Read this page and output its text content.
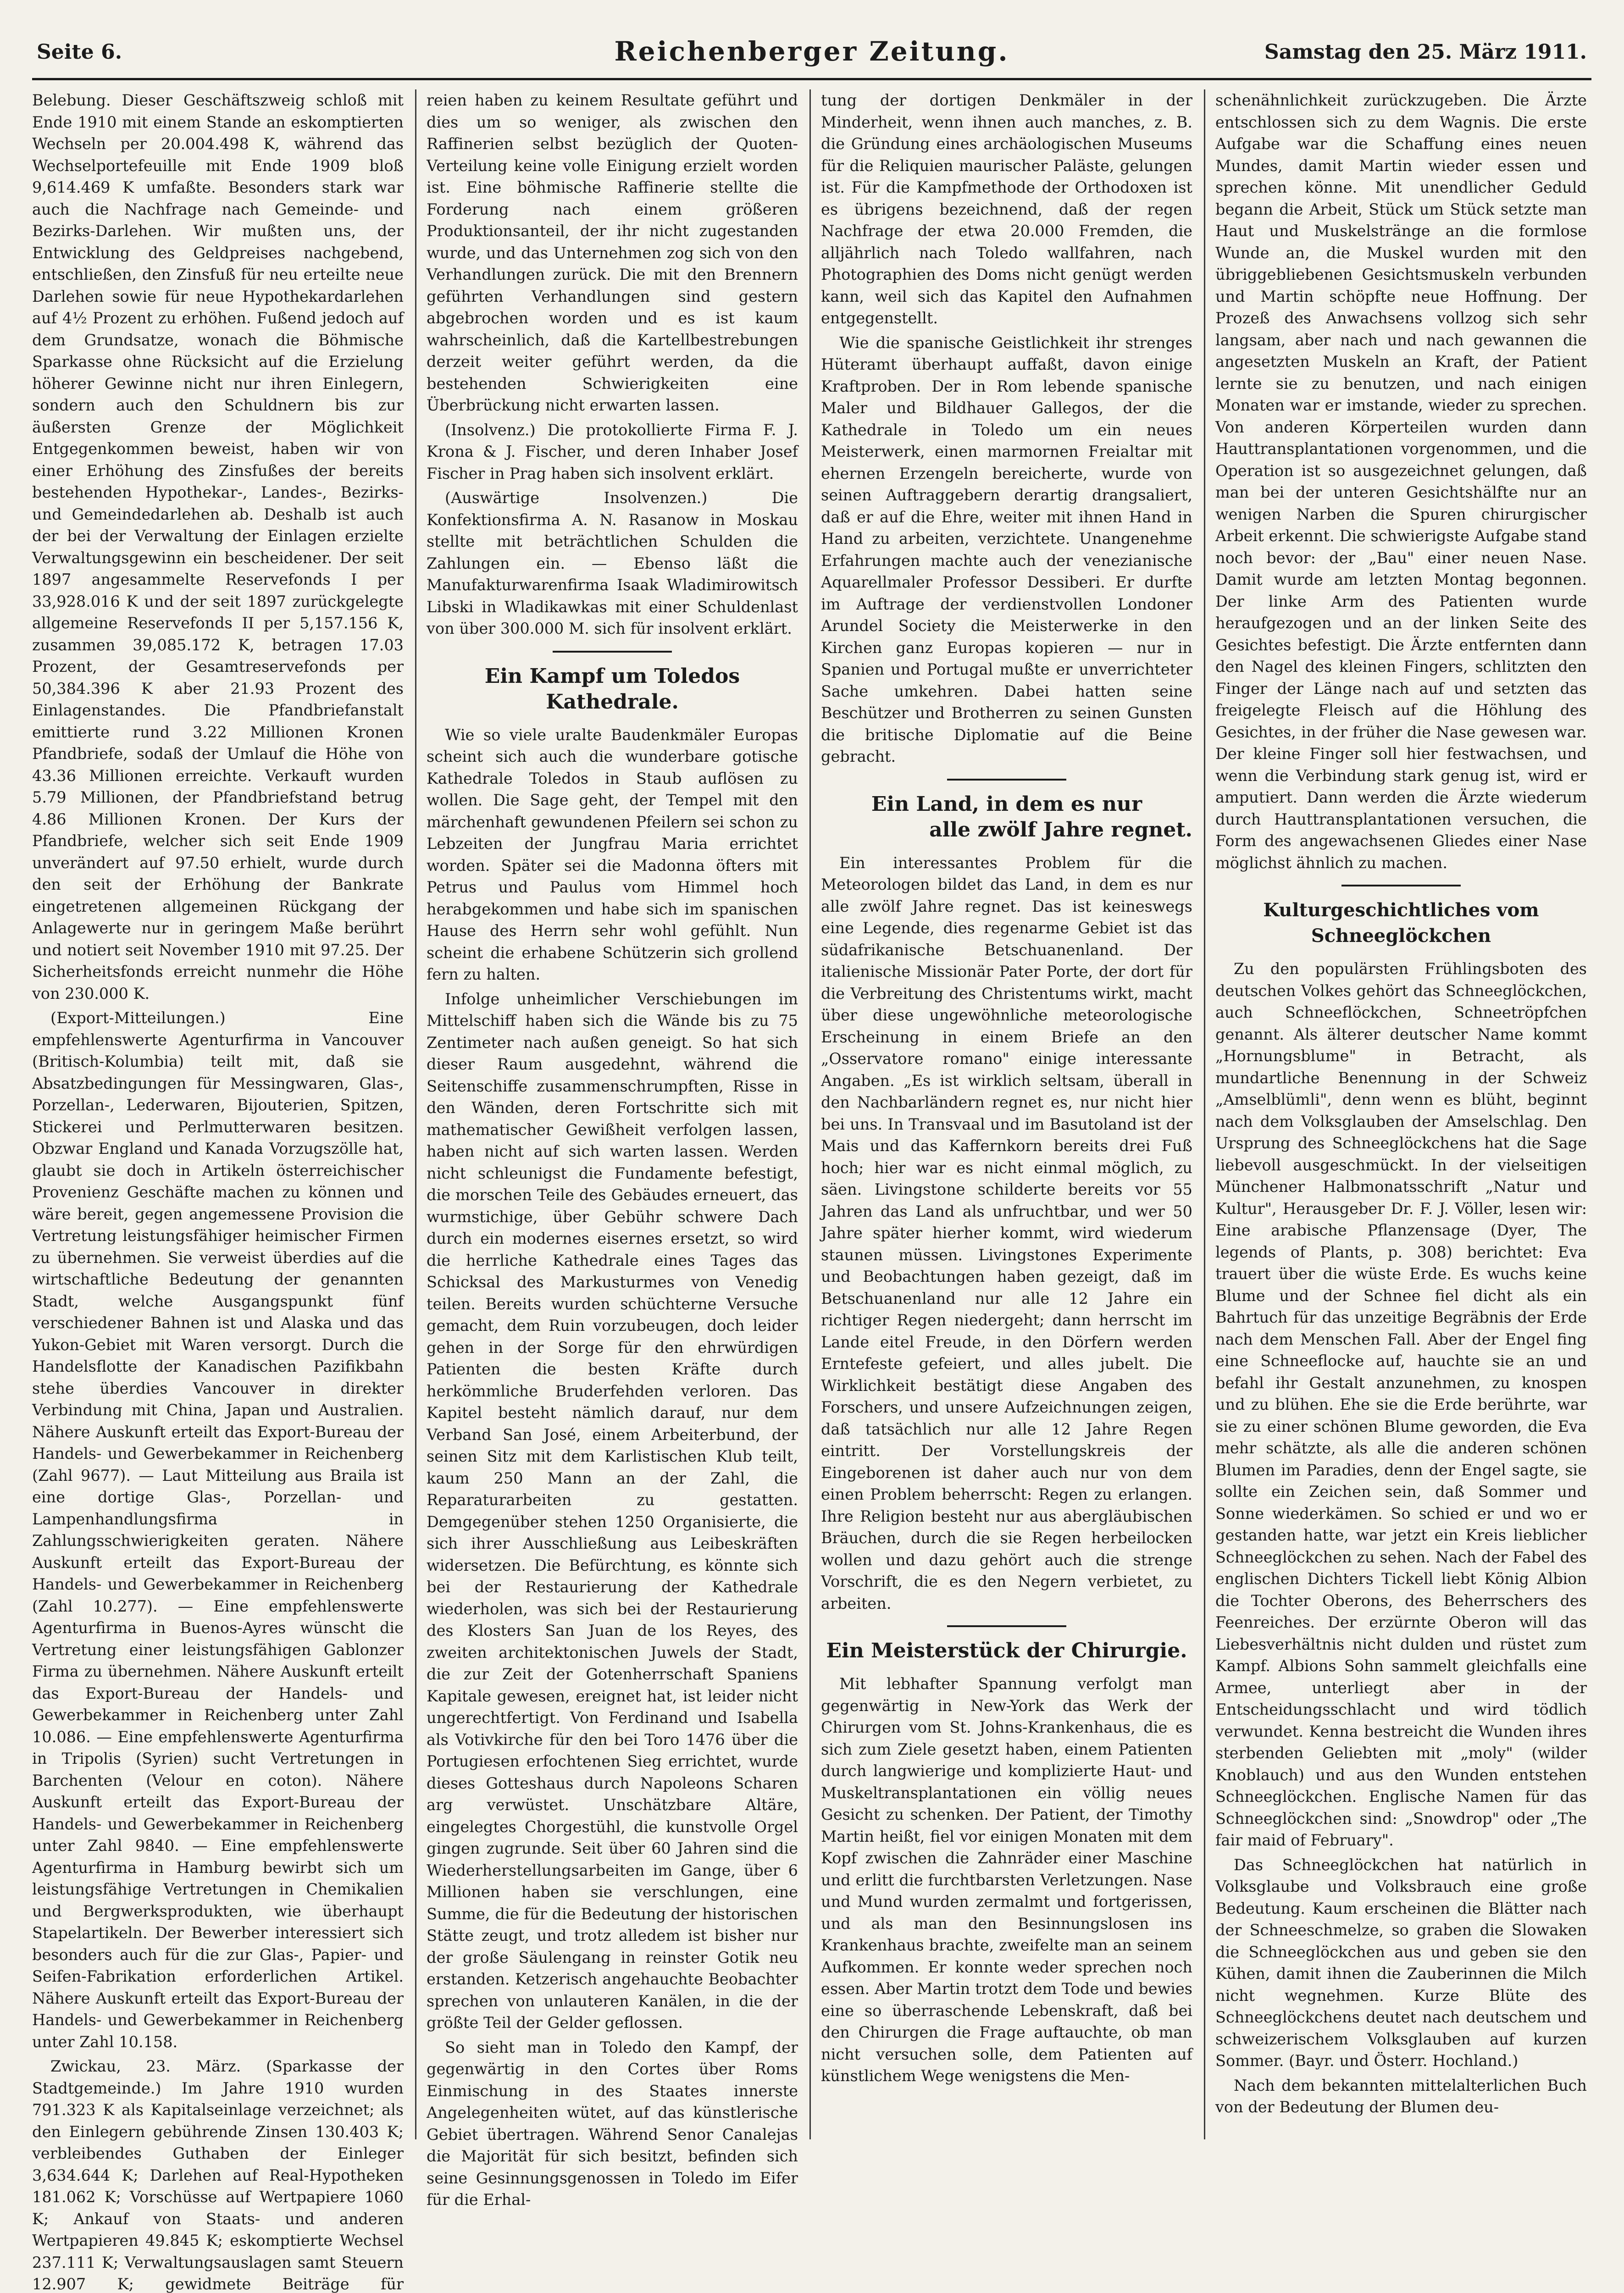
Seite 6.	Reichenberger Zeitung.	Samstag den 25. März 1911.

Belebung. Dieser Geschäftszweig schloß mit Ende 1910 mit einem Stande an eskomptierten Wechseln per 20.004.498 K, während das Wechselportefeuille mit Ende 1909 bloß 9,614.469 K umfaßte. Besonders stark war auch die Nachfrage nach Gemeinde- und Bezirks-Darlehen. Wir mußten uns, der Entwicklung des Geldpreises nachgebend, entschließen, den Zinsfuß für neu erteilte neue Darlehen sowie für neue Hypothekardarlehen auf 4½ Prozent zu erhöhen. Fußend jedoch auf dem Grundsatze, wonach die Böhmische Sparkasse ohne Rücksicht auf die Erzielung höherer Gewinne nicht nur ihren Einlegern, sondern auch den Schuldnern bis zur äußersten Grenze der Möglichkeit Entgegenkommen beweist, haben wir von einer Erhöhung des Zinsfußes der bereits bestehenden Hypothekar-, Landes-, Bezirks- und Gemeindedarlehen ab. Deshalb ist auch der bei der Verwaltung der Einlagen erzielte Verwaltungsgewinn ein bescheidener. Der seit 1897 angesammelte Reservefonds I per 33,928.016 K und der seit 1897 zurückgelegte allgemeine Reservefonds II per 5,157.156 K, zusammen 39,085.172 K, betragen 17.03 Prozent, der Gesamtreservefonds per 50,384.396 K aber 21.93 Prozent des Einlagenstandes. Die Pfandbriefanstalt emittierte rund 3.22 Millionen Kronen Pfandbriefe, sodaß der Umlauf die Höhe von 43.36 Millionen erreichte. Verkauft wurden 5.79 Millionen, der Pfandbriefstand betrug 4.86 Millionen Kronen. Der Kurs der Pfandbriefe, welcher sich seit Ende 1909 unverändert auf 97.50 erhielt, wurde durch den seit der Erhöhung der Bankrate eingetretenen allgemeinen Rückgang der Anlagewerte nur in geringem Maße berührt und notiert seit November 1910 mit 97.25. Der Sicherheitsfonds erreicht nunmehr die Höhe von 230.000 K.

(Export-Mitteilungen.) Eine empfehlenswerte Agenturfirma in Vancouver (Britisch-Kolumbia) teilt mit, daß sie Absatzbedingungen für Messingwaren, Glas-, Porzellan-, Lederwaren, Bijouterien, Spitzen, Stickerei und Perlmutterwaren besitzen. Obzwar England und Kanada Vorzugszölle hat, glaubt sie doch in Artikeln österreichischer Provenienz Geschäfte machen zu können und wäre bereit, gegen angemessene Provision die Vertretung leistungsfähiger heimischer Firmen zu übernehmen. Sie verweist überdies auf die wirtschaftliche Bedeutung der genannten Stadt, welche Ausgangspunkt fünf verschiedener Bahnen ist und Alaska und das Yukon-Gebiet mit Waren versorgt. Durch die Handelsflotte der Kanadischen Pazifikbahn stehe überdies Vancouver in direkter Verbindung mit China, Japan und Australien. Nähere Auskunft erteilt das Export-Bureau der Handels- und Gewerbekammer in Reichenberg (Zahl 9677). — Laut Mitteilung aus Braila ist eine dortige Glas-, Porzellan- und Lampenhandlungsfirma in Zahlungsschwierigkeiten geraten. Nähere Auskunft erteilt das Export-Bureau der Handels- und Gewerbekammer in Reichenberg (Zahl 10.277). — Eine empfehlenswerte Agenturfirma in Buenos-Ayres wünscht die Vertretung einer leistungsfähigen Gablonzer Firma zu übernehmen. Nähere Auskunft erteilt das Export-Bureau der Handels- und Gewerbekammer in Reichenberg unter Zahl 10.086. — Eine empfehlenswerte Agenturfirma in Tripolis (Syrien) sucht Vertretungen in Barchenten (Velour en coton). Nähere Auskunft erteilt das Export-Bureau der Handels- und Gewerbekammer in Reichenberg unter Zahl 9840. — Eine empfehlenswerte Agenturfirma in Hamburg bewirbt sich um leistungsfähige Vertretungen in Chemikalien und Bergwerksprodukten, wie überhaupt Stapelartikeln. Der Bewerber interessiert sich besonders auch für die zur Glas-, Papier- und Seifen-Fabrikation erforderlichen Artikel. Nähere Auskunft erteilt das Export-Bureau der Handels- und Gewerbekammer in Reichenberg unter Zahl 10.158.

Zwickau, 23. März. (Sparkasse der Stadtgemeinde.) Im Jahre 1910 wurden 791.323 K als Kapitalseinlage verzeichnet; als den Einlegern gebührende Zinsen 130.403 K; verbleibendes Guthaben der Einleger 3,634.644 K; Darlehen auf Real-Hypotheken 181.062 K; Vorschüsse auf Wertpapiere 1060 K; Ankauf von Staats- und anderen Wertpapieren 49.845 K; eskomptierte Wechsel 237.111 K; Verwaltungsauslagen samt Steuern 12.907 K; gewidmete Beiträge für

reien haben zu keinem Resultate geführt und dies um so weniger, als zwischen den Raffinerien selbst bezüglich der Quoten-Verteilung keine volle Einigung erzielt worden ist. Eine böhmische Raffinerie stellte die Forderung nach einem größeren Produktionsanteil, der ihr nicht zugestanden wurde, und das Unternehmen zog sich von den Verhandlungen zurück. Die mit den Brennern geführten Verhandlungen sind gestern abgebrochen worden und es ist kaum wahrscheinlich, daß die Kartellbestrebungen derzeit weiter geführt werden, da die bestehenden Schwierigkeiten eine Überbrückung nicht erwarten lassen.

(Insolvenz.) Die protokollierte Firma F. J. Krona & J. Fischer, und deren Inhaber Josef Fischer in Prag haben sich insolvent erklärt.

(Auswärtige Insolvenzen.) Die Konfektionsfirma A. N. Rasanow in Moskau stellte mit beträchtlichen Schulden die Zahlungen ein. — Ebenso läßt die Manufakturwarenfirma Isaak Wladimirowitsch Libski in Wladikawkas mit einer Schuldenlast von über 300.000 M. sich für insolvent erklärt.

Ein Kampf um Toledos Kathedrale.

Wie so viele uralte Baudenkmäler Europas scheint sich auch die wunderbare gotische Kathedrale Toledos in Staub auflösen zu wollen. Die Sage geht, der Tempel mit den märchenhaft gewundenen Pfeilern sei schon zu Lebzeiten der Jungfrau Maria errichtet worden. Später sei die Madonna öfters mit Petrus und Paulus vom Himmel hoch herabgekommen und habe sich im spanischen Hause des Herrn sehr wohl gefühlt. Nun scheint die erhabene Schützerin sich grollend fern zu halten.

Infolge unheimlicher Verschiebungen im Mittelschiff haben sich die Wände bis zu 75 Zentimeter nach außen geneigt. So hat sich dieser Raum ausgedehnt, während die Seitenschiffe zusammenschrumpften, Risse in den Wänden, deren Fortschritte sich mit mathematischer Gewißheit verfolgen lassen, haben nicht auf sich warten lassen. Werden nicht schleunigst die Fundamente befestigt, die morschen Teile des Gebäudes erneuert, das wurmstichige, über Gebühr schwere Dach durch ein modernes eisernes ersetzt, so wird die herrliche Kathedrale eines Tages das Schicksal des Markusturmes von Venedig teilen. Bereits wurden schüchterne Versuche gemacht, dem Ruin vorzubeugen, doch leider gehen in der Sorge für den ehrwürdigen Patienten die besten Kräfte durch herkömmliche Bruderfehden verloren. Das Kapitel besteht nämlich darauf, nur dem Verband San José, einem Arbeiterbund, der seinen Sitz mit dem Karlistischen Klub teilt, kaum 250 Mann an der Zahl, die Reparaturarbeiten zu gestatten. Demgegenüber stehen 1250 Organisierte, die sich ihrer Ausschließung aus Leibeskräften widersetzen. Die Befürchtung, es könnte sich bei der Restaurierung der Kathedrale wiederholen, was sich bei der Restaurierung des Klosters San Juan de los Reyes, des zweiten architektonischen Juwels der Stadt, die zur Zeit der Gotenherrschaft Spaniens Kapitale gewesen, ereignet hat, ist leider nicht ungerechtfertigt. Von Ferdinand und Isabella als Votivkirche für den bei Toro 1476 über die Portugiesen erfochtenen Sieg errichtet, wurde dieses Gotteshaus durch Napoleons Scharen arg verwüstet. Unschätzbare Altäre, eingelegtes Chorgestühl, die kunstvolle Orgel gingen zugrunde. Seit über 60 Jahren sind die Wiederherstellungsarbeiten im Gange, über 6 Millionen haben sie verschlungen, eine Summe, die für die Bedeutung der historischen Stätte zeugt, und trotz alledem ist bisher nur der große Säulengang in reinster Gotik neu erstanden. Ketzerisch angehauchte Beobachter sprechen von unlauteren Kanälen, in die der größte Teil der Gelder geflossen.

So sieht man in Toledo den Kampf, der gegenwärtig in den Cortes über Roms Einmischung in des Staates innerste Angelegenheiten wütet, auf das künstlerische Gebiet übertragen. Während Senor Canalejas die Majorität für sich besitzt, befinden sich seine Gesinnungsgenossen in Toledo im Eifer für die Erhal-

tung der dortigen Denkmäler in der Minderheit, wenn ihnen auch manches, z. B. die Gründung eines archäologischen Museums für die Reliquien maurischer Paläste, gelungen ist. Für die Kampfmethode der Orthodoxen ist es übrigens bezeichnend, daß der regen Nachfrage der etwa 20.000 Fremden, die alljährlich nach Toledo wallfahren, nach Photographien des Doms nicht genügt werden kann, weil sich das Kapitel den Aufnahmen entgegenstellt.

Wie die spanische Geistlichkeit ihr strenges Hüteramt überhaupt auffaßt, davon einige Kraftproben. Der in Rom lebende spanische Maler und Bildhauer Gallegos, der die Kathedrale in Toledo um ein neues Meisterwerk, einen marmornen Freialtar mit ehernen Erzengeln bereicherte, wurde von seinen Auftraggebern derartig drangsaliert, daß er auf die Ehre, weiter mit ihnen Hand in Hand zu arbeiten, verzichtete. Unangenehme Erfahrungen machte auch der venezianische Aquarellmaler Professor Dessiberi. Er durfte im Auftrage der verdienstvollen Londoner Arundel Society die Meisterwerke in den Kirchen ganz Europas kopieren — nur in Spanien und Portugal mußte er unverrichteter Sache umkehren. Dabei hatten seine Beschützer und Brotherren zu seinen Gunsten die britische Diplomatie auf die Beine gebracht.

Ein Land, in dem es nur
alle zwölf Jahre regnet.

Ein interessantes Problem für die Meteorologen bildet das Land, in dem es nur alle zwölf Jahre regnet. Das ist keineswegs eine Legende, dies regenarme Gebiet ist das südafrikanische Betschuanenland. Der italienische Missionär Pater Porte, der dort für die Verbreitung des Christentums wirkt, macht über diese ungewöhnliche meteorologische Erscheinung in einem Briefe an den „Osservatore romano" einige interessante Angaben. „Es ist wirklich seltsam, überall in den Nachbarländern regnet es, nur nicht hier bei uns. In Transvaal und im Basutoland ist der Mais und das Kaffernkorn bereits drei Fuß hoch; hier war es nicht einmal möglich, zu säen. Livingstone schilderte bereits vor 55 Jahren das Land als unfruchtbar, und wer 50 Jahre später hierher kommt, wird wiederum staunen müssen. Livingstones Experimente und Beobachtungen haben gezeigt, daß im Betschuanenland nur alle 12 Jahre ein richtiger Regen niedergeht; dann herrscht im Lande eitel Freude, in den Dörfern werden Erntefeste gefeiert, und alles jubelt. Die Wirklichkeit bestätigt diese Angaben des Forschers, und unsere Aufzeichnungen zeigen, daß tatsächlich nur alle 12 Jahre Regen eintritt. Der Vorstellungskreis der Eingeborenen ist daher auch nur von dem einen Problem beherrscht: Regen zu erlangen. Ihre Religion besteht nur aus abergläubischen Bräuchen, durch die sie Regen herbeilocken wollen und dazu gehört auch die strenge Vorschrift, die es den Negern verbietet, zu arbeiten.

Ein Meisterstück der Chirurgie.

Mit lebhafter Spannung verfolgt man gegenwärtig in New-York das Werk der Chirurgen vom St. Johns-Krankenhaus, die es sich zum Ziele gesetzt haben, einem Patienten durch langwierige und komplizierte Haut- und Muskeltransplantationen ein völlig neues Gesicht zu schenken. Der Patient, der Timothy Martin heißt, fiel vor einigen Monaten mit dem Kopf zwischen die Zahnräder einer Maschine und erlitt die furchtbarsten Verletzungen. Nase und Mund wurden zermalmt und fortgerissen, und als man den Besinnungslosen ins Krankenhaus brachte, zweifelte man an seinem Aufkommen. Er konnte weder sprechen noch essen. Aber Martin trotzt dem Tode und bewies eine so überraschende Lebenskraft, daß bei den Chirurgen die Frage auftauchte, ob man nicht versuchen solle, dem Patienten auf künstlichem Wege wenigstens die Men-

schenähnlichkeit zurückzugeben. Die Ärzte entschlossen sich zu dem Wagnis. Die erste Aufgabe war die Schaffung eines neuen Mundes, damit Martin wieder essen und sprechen könne. Mit unendlicher Geduld begann die Arbeit, Stück um Stück setzte man Haut und Muskelstränge an die formlose Wunde an, die Muskel wurden mit den übriggebliebenen Gesichtsmuskeln verbunden und Martin schöpfte neue Hoffnung. Der Prozeß des Anwachsens vollzog sich sehr langsam, aber nach und nach gewannen die angesetzten Muskeln an Kraft, der Patient lernte sie zu benutzen, und nach einigen Monaten war er imstande, wieder zu sprechen. Von anderen Körperteilen wurden dann Hauttransplantationen vorgenommen, und die Operation ist so ausgezeichnet gelungen, daß man bei der unteren Gesichtshälfte nur an wenigen Narben die Spuren chirurgischer Arbeit erkennt. Die schwierigste Aufgabe stand noch bevor: der „Bau" einer neuen Nase. Damit wurde am letzten Montag begonnen. Der linke Arm des Patienten wurde heraufgezogen und an der linken Seite des Gesichtes befestigt. Die Ärzte entfernten dann den Nagel des kleinen Fingers, schlitzten den Finger der Länge nach auf und setzten das freigelegte Fleisch auf die Höhlung des Gesichtes, in der früher die Nase gewesen war. Der kleine Finger soll hier festwachsen, und wenn die Verbindung stark genug ist, wird er amputiert. Dann werden die Ärzte wiederum durch Hauttransplantationen versuchen, die Form des angewachsenen Gliedes einer Nase möglichst ähnlich zu machen.

Kulturgeschichtliches vom Schneeglöckchen

Zu den populärsten Frühlingsboten des deutschen Volkes gehört das Schneeglöckchen, auch Schneeflöckchen, Schneetröpfchen genannt. Als älterer deutscher Name kommt „Hornungsblume" in Betracht, als mundartliche Benennung in der Schweiz „Amselblümli", denn wenn es blüht, beginnt nach dem Volksglauben der Amselschlag. Den Ursprung des Schneeglöckchens hat die Sage liebevoll ausgeschmückt. In der vielseitigen Münchener Halbmonatsschrift „Natur und Kultur", Herausgeber Dr. F. J. Völler, lesen wir: Eine arabische Pflanzensage (Dyer, The legends of Plants, p. 308) berichtet: Eva trauert über die wüste Erde. Es wuchs keine Blume und der Schnee fiel dicht als ein Bahrtuch für das unzeitige Begräbnis der Erde nach dem Menschen Fall. Aber der Engel fing eine Schneeflocke auf, hauchte sie an und befahl ihr Gestalt anzunehmen, zu knospen und zu blühen. Ehe sie die Erde berührte, war sie zu einer schönen Blume geworden, die Eva mehr schätzte, als alle die anderen schönen Blumen im Paradies, denn der Engel sagte, sie sollte ein Zeichen sein, daß Sommer und Sonne wiederkämen. So schied er und wo er gestanden hatte, war jetzt ein Kreis lieblicher Schneeglöckchen zu sehen. Nach der Fabel des englischen Dichters Tickell liebt König Albion die Tochter Oberons, des Beherrschers des Feenreiches. Der erzürnte Oberon will das Liebesverhältnis nicht dulden und rüstet zum Kampf. Albions Sohn sammelt gleichfalls eine Armee, unterliegt aber in der Entscheidungsschlacht und wird tödlich verwundet. Kenna bestreicht die Wunden ihres sterbenden Geliebten mit „moly" (wilder Knoblauch) und aus den Wunden entstehen Schneeglöckchen. Englische Namen für das Schneeglöckchen sind: „Snowdrop" oder „The fair maid of February".

Das Schneeglöckchen hat natürlich in Volksglaube und Volksbrauch eine große Bedeutung. Kaum erscheinen die Blätter nach der Schneeschmelze, so graben die Slowaken die Schneeglöckchen aus und geben sie den Kühen, damit ihnen die Zauberinnen die Milch nicht wegnehmen. Kurze Blüte des Schneeglöckchens deutet nach deutschem und schweizerischem Volksglauben auf kurzen Sommer. (Bayr. und Österr. Hochland.)

Nach dem bekannten mittelalterlichen Buch von der Bedeutung der Blumen deu-
